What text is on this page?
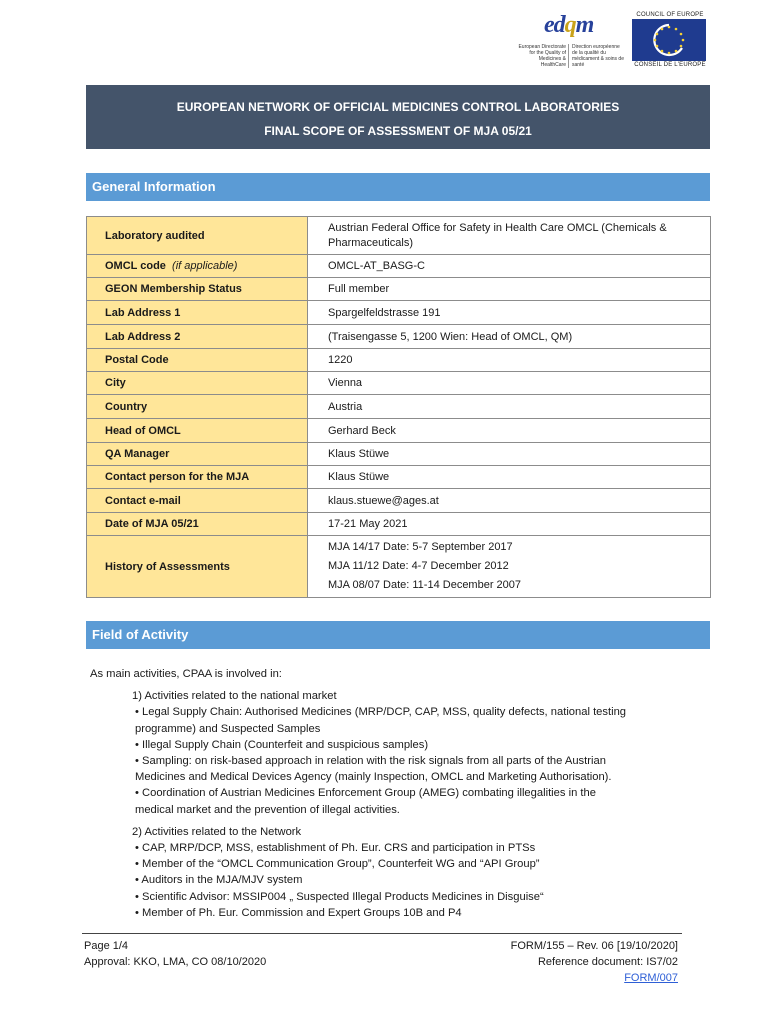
edqm
European Directorate for the Quality of Medicines & HealthCare
Direction européenne de la qualité du médicament & soins de santé
COUNCIL OF EUROPE
CONSEIL DE L'EUROPE
EUROPEAN NETWORK OF OFFICIAL MEDICINES CONTROL LABORATORIES
FINAL SCOPE OF ASSESSMENT OF MJA 05/21
General Information
Laboratory audited	Austrian Federal Office for Safety in Health Care OMCL (Chemicals &
Pharmaceuticals)

OMCL code (if applicable)	OMCL-AT_BASG-C
GEON Membership Status	Full member
Lab Address 1	Spargelfeldstrasse 191
Lab Address 2	(Traisengasse 5, 1200 Wien: Head of OMCL, QM)
Postal Code	1220
City	Vienna
Country	Austria
Head of OMCL	Gerhard Beck
QA Manager	Klaus Stüwe
Contact person for the MJA	Klaus Stüwe
Contact e-mail	klaus.stuewe@ages.at
Date of MJA 05/21	17-21 May 2021
History of Assessments	MJA 14/17 Date: 5-7 September 2017
MJA 11/12 Date: 4-7 December 2012
MJA 08/07 Date: 11-14 December 2007
Field of Activity

As main activities, CPAA is involved in:

1) Activities related to the national market
• Legal Supply Chain: Authorised Medicines (MRP/DCP, CAP, MSS, quality defects, national testing
programme) and Suspected Samples
• Illegal Supply Chain (Counterfeit and suspicious samples)
• Sampling: on risk-based approach in relation with the risk signals from all parts of the Austrian
Medicines and Medical Devices Agency (mainly Inspection, OMCL and Marketing Authorisation).
• Coordination of Austrian Medicines Enforcement Group (AMEG) combating illegalities in the
medical market and the prevention of illegal activities.
2) Activities related to the Network
• CAP, MRP/DCP, MSS, establishment of Ph. Eur. CRS and participation in PTSs
• Member of the “OMCL Communication Group”, Counterfeit WG and “API Group”
• Auditors in the MJA/MJV system
• Scientific Advisor: MSSIP004 „ Suspected Illegal Products Medicines in Disguise“
• Member of Ph. Eur. Commission and Expert Groups 10B and P4
Page 1/4
Approval: KKO, LMA, CO 08/10/2020
FORM/155 – Rev. 06 [19/10/2020]
Reference document: IS7/02
FORM/007
